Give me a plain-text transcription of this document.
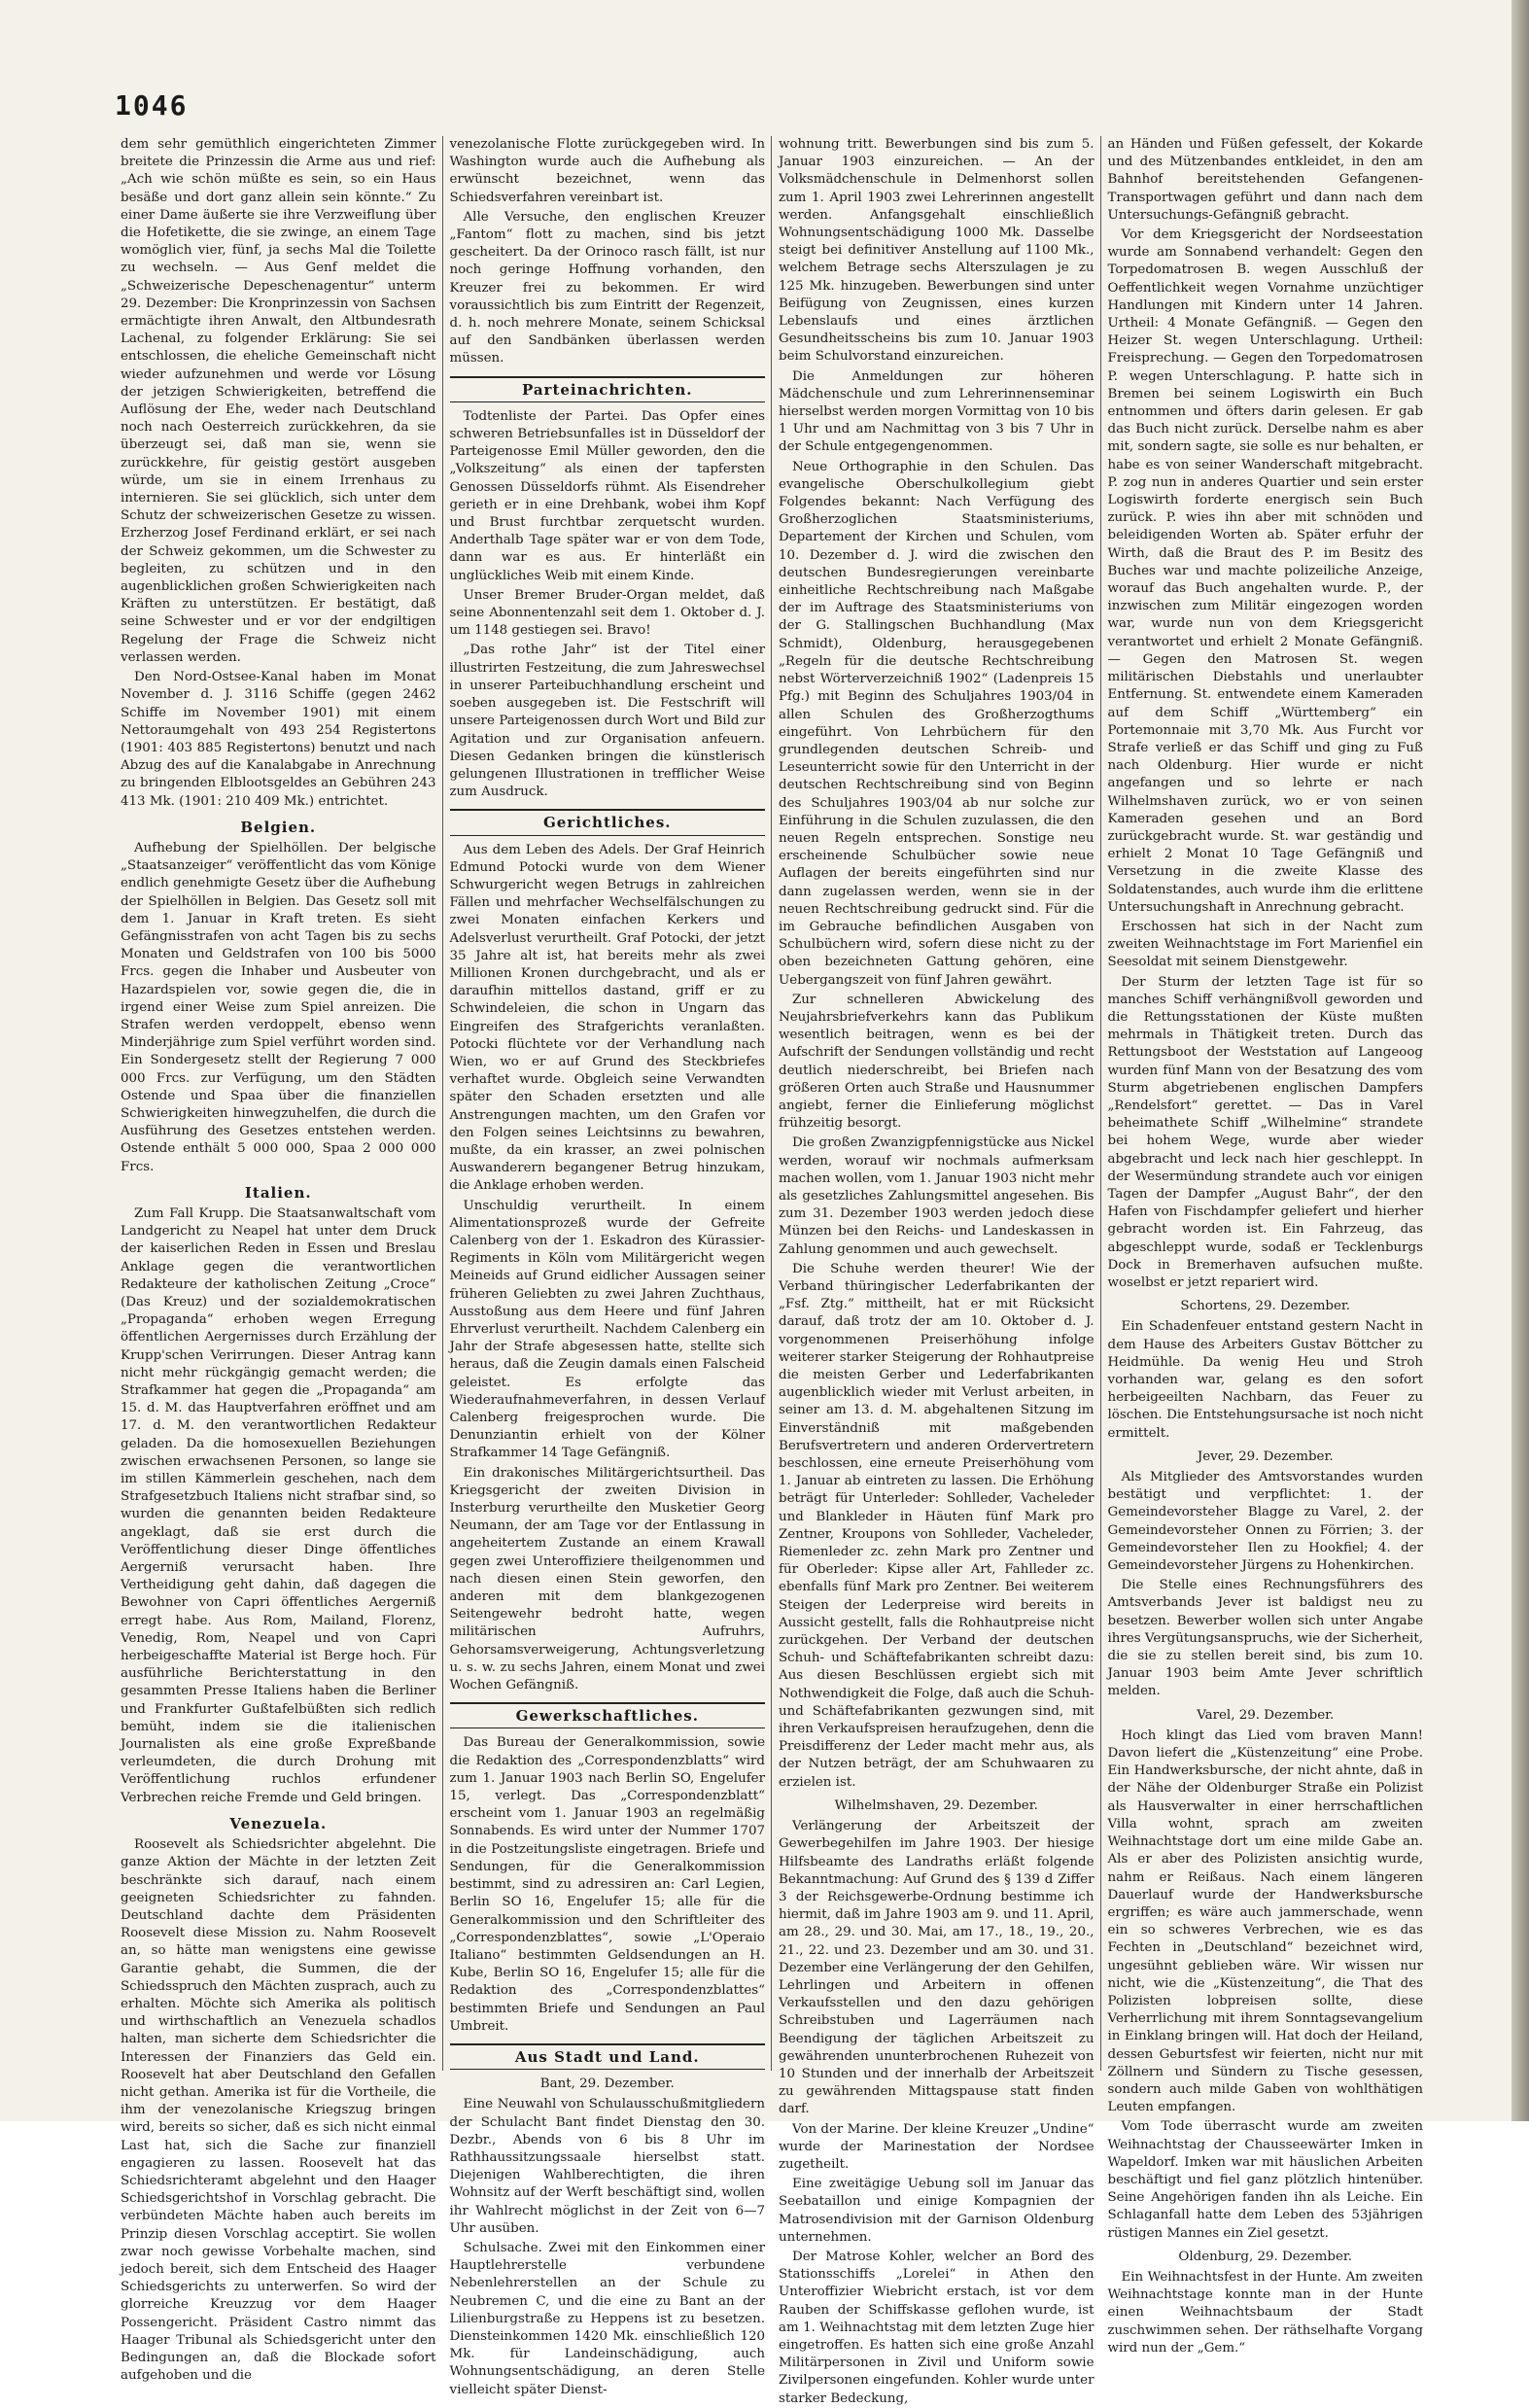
1046

dem sehr gemüthlich eingerichteten Zimmer breitete die Prinzessin die Arme aus und rief: „Ach wie schön müßte es sein, so ein Haus besäße und dort ganz allein sein könnte.“ Zu einer Dame äußerte sie ihre Verzweiflung über die Hofetikette, die sie zwinge, an einem Tage womöglich vier, fünf, ja sechs Mal die Toilette zu wechseln. — Aus Genf meldet die „Schweizerische Depeschenagentur“ unterm 29. Dezember: Die Kronprinzessin von Sachsen ermächtigte ihren Anwalt, den Altbundesrath Lachenal, zu folgender Erklärung: Sie sei entschlossen, die eheliche Gemeinschaft nicht wieder aufzunehmen und werde vor Lösung der jetzigen Schwierigkeiten, betreffend die Auflösung der Ehe, weder nach Deutschland noch nach Oesterreich zurückkehren, da sie überzeugt sei, daß man sie, wenn sie zurückkehre, für geistig gestört ausgeben würde, um sie in einem Irrenhaus zu internieren. Sie sei glücklich, sich unter dem Schutz der schweizerischen Gesetze zu wissen. Erzherzog Josef Ferdinand erklärt, er sei nach der Schweiz gekommen, um die Schwester zu begleiten, zu schützen und in den augenblicklichen großen Schwierigkeiten nach Kräften zu unterstützen. Er bestätigt, daß seine Schwester und er vor der endgiltigen Regelung der Frage die Schweiz nicht verlassen werden.

Den Nord-Ostsee-Kanal haben im Monat November d. J. 3116 Schiffe (gegen 2462 Schiffe im November 1901) mit einem Nettoraumgehalt von 493 254 Registertons (1901: 403 885 Registertons) benutzt und nach Abzug des auf die Kanalabgabe in Anrechnung zu bringenden Elblootsgeldes an Gebühren 243 413 Mk. (1901: 210 409 Mk.) entrichtet.

Belgien.

Aufhebung der Spielhöllen. Der belgische „Staatsanzeiger“ veröffentlicht das vom Könige endlich genehmigte Gesetz über die Aufhebung der Spielhöllen in Belgien. Das Gesetz soll mit dem 1. Januar in Kraft treten. Es sieht Gefängnisstrafen von acht Tagen bis zu sechs Monaten und Geldstrafen von 100 bis 5000 Frcs. gegen die Inhaber und Ausbeuter von Hazardspielen vor, sowie gegen die, die in irgend einer Weise zum Spiel anreizen. Die Strafen werden verdoppelt, ebenso wenn Minderjährige zum Spiel verführt worden sind. Ein Sondergesetz stellt der Regierung 7 000 000 Frcs. zur Verfügung, um den Städten Ostende und Spaa über die finanziellen Schwierigkeiten hinwegzuhelfen, die durch die Ausführung des Gesetzes entstehen werden. Ostende enthält 5 000 000, Spaa 2 000 000 Frcs.

Italien.

Zum Fall Krupp. Die Staatsanwaltschaft vom Landgericht zu Neapel hat unter dem Druck der kaiserlichen Reden in Essen und Breslau Anklage gegen die verantwortlichen Redakteure der katholischen Zeitung „Croce“ (Das Kreuz) und der sozialdemokratischen „Propaganda“ erhoben wegen Erregung öffentlichen Aergernisses durch Erzählung der Krupp'schen Verirrungen. Dieser Antrag kann nicht mehr rückgängig gemacht werden; die Strafkammer hat gegen die „Propaganda“ am 15. d. M. das Hauptverfahren eröffnet und am 17. d. M. den verantwortlichen Redakteur geladen. Da die homosexuellen Beziehungen zwischen erwachsenen Personen, so lange sie im stillen Kämmerlein geschehen, nach dem Strafgesetzbuch Italiens nicht strafbar sind, so wurden die genannten beiden Redakteure angeklagt, daß sie erst durch die Veröffentlichung dieser Dinge öffentliches Aergerniß verursacht haben. Ihre Vertheidigung geht dahin, daß dagegen die Bewohner von Capri öffentliches Aergerniß erregt habe. Aus Rom, Mailand, Florenz, Venedig, Rom, Neapel und von Capri herbeigeschaffte Material ist Berge hoch. Für ausführliche Berichterstattung in den gesammten Presse Italiens haben die Berliner und Frankfurter Gußtafelbüßten sich redlich bemüht, indem sie die italienischen Journalisten als eine große Expreßbande verleumdeten, die durch Drohung mit Veröffentlichung ruchlos erfundener Verbrechen reiche Fremde und Geld bringen.

Venezuela.

Roosevelt als Schiedsrichter abgelehnt. Die ganze Aktion der Mächte in der letzten Zeit beschränkte sich darauf, nach einem geeigneten Schiedsrichter zu fahnden. Deutschland dachte dem Präsidenten Roosevelt diese Mission zu. Nahm Roosevelt an, so hätte man wenigstens eine gewisse Garantie gehabt, die Summen, die der Schiedsspruch den Mächten zusprach, auch zu erhalten. Möchte sich Amerika als politisch und wirthschaftlich an Venezuela schadlos halten, man sicherte dem Schiedsrichter die Interessen der Finanziers das Geld ein. Roosevelt hat aber Deutschland den Gefallen nicht gethan. Amerika ist für die Vortheile, die ihm der venezolanische Kriegszug bringen wird, bereits so sicher, daß es sich nicht einmal Last hat, sich die Sache zur finanziell engagieren zu lassen. Roosevelt hat das Schiedsrichteramt abgelehnt und den Haager Schiedsgerichtshof in Vorschlag gebracht. Die verbündeten Mächte haben auch bereits im Prinzip diesen Vorschlag acceptirt. Sie wollen zwar noch gewisse Vorbehalte machen, sind jedoch bereit, sich dem Entscheid des Haager Schiedsgerichts zu unterwerfen. So wird der glorreiche Kreuzzug vor dem Haager Possengericht. Präsident Castro nimmt das Haager Tribunal als Schiedsgericht unter den Bedingungen an, daß die Blockade sofort aufgehoben und die

venezolanische Flotte zurückgegeben wird. In Washington wurde auch die Aufhebung als erwünscht bezeichnet, wenn das Schiedsverfahren vereinbart ist.

Alle Versuche, den englischen Kreuzer „Fantom“ flott zu machen, sind bis jetzt gescheitert. Da der Orinoco rasch fällt, ist nur noch geringe Hoffnung vorhanden, den Kreuzer frei zu bekommen. Er wird voraussichtlich bis zum Eintritt der Regenzeit, d. h. noch mehrere Monate, seinem Schicksal auf den Sandbänken überlassen werden müssen.

Parteinachrichten.

Todtenliste der Partei. Das Opfer eines schweren Betriebsunfalles ist in Düsseldorf der Parteigenosse Emil Müller geworden, den die „Volkszeitung“ als einen der tapfersten Genossen Düsseldorfs rühmt. Als Eisendreher gerieth er in eine Drehbank, wobei ihm Kopf und Brust furchtbar zerquetscht wurden. Anderthalb Tage später war er von dem Tode, dann war es aus. Er hinterläßt ein unglückliches Weib mit einem Kinde.

Unser Bremer Bruder-Organ meldet, daß seine Abonnentenzahl seit dem 1. Oktober d. J. um 1148 gestiegen sei. Bravo!

„Das rothe Jahr“ ist der Titel einer illustrirten Festzeitung, die zum Jahreswechsel in unserer Parteibuchhandlung erscheint und soeben ausgegeben ist. Die Festschrift will unsere Parteigenossen durch Wort und Bild zur Agitation und zur Organisation anfeuern. Diesen Gedanken bringen die künstlerisch gelungenen Illustrationen in trefflicher Weise zum Ausdruck.

Gerichtliches.

Aus dem Leben des Adels. Der Graf Heinrich Edmund Potocki wurde von dem Wiener Schwurgericht wegen Betrugs in zahlreichen Fällen und mehrfacher Wechselfälschungen zu zwei Monaten einfachen Kerkers und Adelsverlust verurtheilt. Graf Potocki, der jetzt 35 Jahre alt ist, hat bereits mehr als zwei Millionen Kronen durchgebracht, und als er daraufhin mittellos dastand, griff er zu Schwindeleien, die schon in Ungarn das Eingreifen des Strafgerichts veranlaßten. Potocki flüchtete vor der Verhandlung nach Wien, wo er auf Grund des Steckbriefes verhaftet wurde. Obgleich seine Verwandten später den Schaden ersetzten und alle Anstrengungen machten, um den Grafen vor den Folgen seines Leichtsinns zu bewahren, mußte, da ein krasser, an zwei polnischen Auswanderern begangener Betrug hinzukam, die Anklage erhoben werden.

Unschuldig verurtheilt. In einem Alimentationsprozeß wurde der Gefreite Calenberg von der 1. Eskadron des Kürassier-Regiments in Köln vom Militärgericht wegen Meineids auf Grund eidlicher Aussagen seiner früheren Geliebten zu zwei Jahren Zuchthaus, Ausstoßung aus dem Heere und fünf Jahren Ehrverlust verurtheilt. Nachdem Calenberg ein Jahr der Strafe abgesessen hatte, stellte sich heraus, daß die Zeugin damals einen Falscheid geleistet. Es erfolgte das Wiederaufnahmeverfahren, in dessen Verlauf Calenberg freigesprochen wurde. Die Denunziantin erhielt von der Kölner Strafkammer 14 Tage Gefängniß.

Ein drakonisches Militärgerichtsurtheil. Das Kriegsgericht der zweiten Division in Insterburg verurtheilte den Musketier Georg Neumann, der am Tage vor der Entlassung in angeheitertem Zustande an einem Krawall gegen zwei Unteroffiziere theilgenommen und nach diesen einen Stein geworfen, den anderen mit dem blankgezogenen Seitengewehr bedroht hatte, wegen militärischen Aufruhrs, Gehorsamsverweigerung, Achtungsverletzung u. s. w. zu sechs Jahren, einem Monat und zwei Wochen Gefängniß.

Gewerkschaftliches.

Das Bureau der Generalkommission, sowie die Redaktion des „Correspondenzblatts“ wird zum 1. Januar 1903 nach Berlin SO, Engelufer 15, verlegt. Das „Correspondenzblatt“ erscheint vom 1. Januar 1903 an regelmäßig Sonnabends. Es wird unter der Nummer 1707 in die Postzeitungsliste eingetragen. Briefe und Sendungen, für die Generalkommission bestimmt, sind zu adressiren an: Carl Legien, Berlin SO 16, Engelufer 15; alle für die Generalkommission und den Schriftleiter des „Correspondenzblattes“, sowie „L'Operaio Italiano“ bestimmten Geldsendungen an H. Kube, Berlin SO 16, Engelufer 15; alle für die Redaktion des „Correspondenzblattes“ bestimmten Briefe und Sendungen an Paul Umbreit.

Aus Stadt und Land.
Bant, 29. Dezember.

Eine Neuwahl von Schulausschußmitgliedern der Schulacht Bant findet Dienstag den 30. Dezbr., Abends von 6 bis 8 Uhr im Rathhaussitzungssaale hierselbst statt. Diejenigen Wahlberechtigten, die ihren Wohnsitz auf der Werft beschäftigt sind, wollen ihr Wahlrecht möglichst in der Zeit von 6—7 Uhr ausüben.

Schulsache. Zwei mit den Einkommen einer Hauptlehrerstelle verbundene Nebenlehrerstellen an der Schule zu Neubremen C, und die eine zu Bant an der Lilienburgstraße zu Heppens ist zu besetzen. Diensteinkommen 1420 Mk. einschließlich 120 Mk. für Landeinschädigung, auch Wohnungsentschädigung, an deren Stelle vielleicht später Dienst-

wohnung tritt. Bewerbungen sind bis zum 5. Januar 1903 einzureichen. — An der Volksmädchenschule in Delmenhorst sollen zum 1. April 1903 zwei Lehrerinnen angestellt werden. Anfangsgehalt einschließlich Wohnungsentschädigung 1000 Mk. Dasselbe steigt bei definitiver Anstellung auf 1100 Mk., welchem Betrage sechs Alterszulagen je zu 125 Mk. hinzugeben. Bewerbungen sind unter Beifügung von Zeugnissen, eines kurzen Lebenslaufs und eines ärztlichen Gesundheitsscheins bis zum 10. Januar 1903 beim Schulvorstand einzureichen.

Die Anmeldungen zur höheren Mädchenschule und zum Lehrerinnenseminar hierselbst werden morgen Vormittag von 10 bis 1 Uhr und am Nachmittag von 3 bis 7 Uhr in der Schule entgegengenommen.

Neue Orthographie in den Schulen. Das evangelische Oberschulkollegium giebt Folgendes bekannt: Nach Verfügung des Großherzoglichen Staatsministeriums, Departement der Kirchen und Schulen, vom 10. Dezember d. J. wird die zwischen den deutschen Bundesregierungen vereinbarte einheitliche Rechtschreibung nach Maßgabe der im Auftrage des Staatsministeriums von der G. Stallingschen Buchhandlung (Max Schmidt), Oldenburg, herausgegebenen „Regeln für die deutsche Rechtschreibung nebst Wörterverzeichniß 1902“ (Ladenpreis 15 Pfg.) mit Beginn des Schuljahres 1903/04 in allen Schulen des Großherzogthums eingeführt. Von Lehrbüchern für den grundlegenden deutschen Schreib- und Leseunterricht sowie für den Unterricht in der deutschen Rechtschreibung sind von Beginn des Schuljahres 1903/04 ab nur solche zur Einführung in die Schulen zuzulassen, die den neuen Regeln entsprechen. Sonstige neu erscheinende Schulbücher sowie neue Auflagen der bereits eingeführten sind nur dann zugelassen werden, wenn sie in der neuen Rechtschreibung gedruckt sind. Für die im Gebrauche befindlichen Ausgaben von Schulbüchern wird, sofern diese nicht zu der oben bezeichneten Gattung gehören, eine Uebergangszeit von fünf Jahren gewährt.

Zur schnelleren Abwickelung des Neujahrsbriefverkehrs kann das Publikum wesentlich beitragen, wenn es bei der Aufschrift der Sendungen vollständig und recht deutlich niederschreibt, bei Briefen nach größeren Orten auch Straße und Hausnummer angiebt, ferner die Einlieferung möglichst frühzeitig besorgt.

Die großen Zwanzigpfennigstücke aus Nickel werden, worauf wir nochmals aufmerksam machen wollen, vom 1. Januar 1903 nicht mehr als gesetzliches Zahlungsmittel angesehen. Bis zum 31. Dezember 1903 werden jedoch diese Münzen bei den Reichs- und Landeskassen in Zahlung genommen und auch gewechselt.

Die Schuhe werden theurer! Wie der Verband thüringischer Lederfabrikanten der „Fsf. Ztg.“ mittheilt, hat er mit Rücksicht darauf, daß trotz der am 10. Oktober d. J. vorgenommenen Preiserhöhung infolge weiterer starker Steigerung der Rohhautpreise die meisten Gerber und Lederfabrikanten augenblicklich wieder mit Verlust arbeiten, in seiner am 13. d. M. abgehaltenen Sitzung im Einverständniß mit maßgebenden Berufsvertretern und anderen Ordervertretern beschlossen, eine erneute Preiserhöhung vom 1. Januar ab eintreten zu lassen. Die Erhöhung beträgt für Unterleder: Sohlleder, Vacheleder und Blankleder in Häuten fünf Mark pro Zentner, Kroupons von Sohlleder, Vacheleder, Riemenleder zc. zehn Mark pro Zentner und für Oberleder: Kipse aller Art, Fahlleder zc. ebenfalls fünf Mark pro Zentner. Bei weiterem Steigen der Lederpreise wird bereits in Aussicht gestellt, falls die Rohhautpreise nicht zurückgehen. Der Verband der deutschen Schuh- und Schäftefabrikanten schreibt dazu: Aus diesen Beschlüssen ergiebt sich mit Nothwendigkeit die Folge, daß auch die Schuh- und Schäftefabrikanten gezwungen sind, mit ihren Verkaufspreisen heraufzugehen, denn die Preisdifferenz der Leder macht mehr aus, als der Nutzen beträgt, der am Schuhwaaren zu erzielen ist.

Wilhelmshaven, 29. Dezember.

Verlängerung der Arbeitszeit der Gewerbegehilfen im Jahre 1903. Der hiesige Hilfsbeamte des Landraths erläßt folgende Bekanntmachung: Auf Grund des § 139 d Ziffer 3 der Reichsgewerbe-Ordnung bestimme ich hiermit, daß im Jahre 1903 am 9. und 11. April, am 28., 29. und 30. Mai, am 17., 18., 19., 20., 21., 22. und 23. Dezember und am 30. und 31. Dezember eine Verlängerung der den Gehilfen, Lehrlingen und Arbeitern in offenen Verkaufsstellen und den dazu gehörigen Schreibstuben und Lagerräumen nach Beendigung der täglichen Arbeitszeit zu gewährenden ununterbrochenen Ruhezeit von 10 Stunden und der innerhalb der Arbeitszeit zu gewährenden Mittagspause statt finden darf.

Von der Marine. Der kleine Kreuzer „Undine“ wurde der Marinestation der Nordsee zugetheilt.

Eine zweitägige Uebung soll im Januar das Seebataillon und einige Kompagnien der Matrosendivision mit der Garnison Oldenburg unternehmen.

Der Matrose Kohler, welcher an Bord des Stationsschiffs „Lorelei“ in Athen den Unteroffizier Wiebricht erstach, ist vor dem Rauben der Schiffskasse geflohen wurde, ist am 1. Weihnachtstag mit dem letzten Zuge hier eingetroffen. Es hatten sich eine große Anzahl Militärpersonen in Zivil und Uniform sowie Zivilpersonen eingefunden. Kohler wurde unter starker Bedeckung,

an Händen und Füßen gefesselt, der Kokarde und des Mützenbandes entkleidet, in den am Bahnhof bereitstehenden Gefangenen-Transportwagen geführt und dann nach dem Untersuchungs-Gefängniß gebracht.

Vor dem Kriegsgericht der Nordseestation wurde am Sonnabend verhandelt: Gegen den Torpedomatrosen B. wegen Ausschluß der Oeffentlichkeit wegen Vornahme unzüchtiger Handlungen mit Kindern unter 14 Jahren. Urtheil: 4 Monate Gefängniß. — Gegen den Heizer St. wegen Unterschlagung. Urtheil: Freisprechung. — Gegen den Torpedomatrosen P. wegen Unterschlagung. P. hatte sich in Bremen bei seinem Logiswirth ein Buch entnommen und öfters darin gelesen. Er gab das Buch nicht zurück. Derselbe nahm es aber mit, sondern sagte, sie solle es nur behalten, er habe es von seiner Wanderschaft mitgebracht. P. zog nun in anderes Quartier und sein erster Logiswirth forderte energisch sein Buch zurück. P. wies ihn aber mit schnöden und beleidigenden Worten ab. Später erfuhr der Wirth, daß die Braut des P. im Besitz des Buches war und machte polizeiliche Anzeige, worauf das Buch angehalten wurde. P., der inzwischen zum Militär eingezogen worden war, wurde nun von dem Kriegsgericht verantwortet und erhielt 2 Monate Gefängniß. — Gegen den Matrosen St. wegen militärischen Diebstahls und unerlaubter Entfernung. St. entwendete einem Kameraden auf dem Schiff „Württemberg“ ein Portemonnaie mit 3,70 Mk. Aus Furcht vor Strafe verließ er das Schiff und ging zu Fuß nach Oldenburg. Hier wurde er nicht angefangen und so lehrte er nach Wilhelmshaven zurück, wo er von seinen Kameraden gesehen und an Bord zurückgebracht wurde. St. war geständig und erhielt 2 Monat 10 Tage Gefängniß und Versetzung in die zweite Klasse des Soldatenstandes, auch wurde ihm die erlittene Untersuchungshaft in Anrechnung gebracht.

Erschossen hat sich in der Nacht zum zweiten Weihnachtstage im Fort Marienfiel ein Seesoldat mit seinem Dienstgewehr.

Der Sturm der letzten Tage ist für so manches Schiff verhängnißvoll geworden und die Rettungsstationen der Küste mußten mehrmals in Thätigkeit treten. Durch das Rettungsboot der Weststation auf Langeoog wurden fünf Mann von der Besatzung des vom Sturm abgetriebenen englischen Dampfers „Rendelsfort“ gerettet. — Das in Varel beheimathete Schiff „Wilhelmine“ strandete bei hohem Wege, wurde aber wieder abgebracht und leck nach hier geschleppt. In der Wesermündung strandete auch vor einigen Tagen der Dampfer „August Bahr“, der den Hafen von Fischdampfer geliefert und hierher gebracht worden ist. Ein Fahrzeug, das abgeschleppt wurde, sodaß er Tecklenburgs Dock in Bremerhaven aufsuchen mußte. woselbst er jetzt repariert wird.

Schortens, 29. Dezember.

Ein Schadenfeuer entstand gestern Nacht in dem Hause des Arbeiters Gustav Böttcher zu Heidmühle. Da wenig Heu und Stroh vorhanden war, gelang es den sofort herbeigeeilten Nachbarn, das Feuer zu löschen. Die Entstehungsursache ist noch nicht ermittelt.

Jever, 29. Dezember.

Als Mitglieder des Amtsvorstandes wurden bestätigt und verpflichtet: 1. der Gemeindevorsteher Blagge zu Varel, 2. der Gemeindevorsteher Onnen zu Förrien; 3. der Gemeindevorsteher Ilen zu Hookfiel; 4. der Gemeindevorsteher Jürgens zu Hohenkirchen.

Die Stelle eines Rechnungsführers des Amtsverbands Jever ist baldigst neu zu besetzen. Bewerber wollen sich unter Angabe ihres Vergütungsanspruchs, wie der Sicherheit, die sie zu stellen bereit sind, bis zum 10. Januar 1903 beim Amte Jever schriftlich melden.

Varel, 29. Dezember.

Hoch klingt das Lied vom braven Mann! Davon liefert die „Küstenzeitung“ eine Probe. Ein Handwerksbursche, der nicht ahnte, daß in der Nähe der Oldenburger Straße ein Polizist als Hausverwalter in einer herrschaftlichen Villa wohnt, sprach am zweiten Weihnachtstage dort um eine milde Gabe an. Als er aber des Polizisten ansichtig wurde, nahm er Reißaus. Nach einem längeren Dauerlauf wurde der Handwerksbursche ergriffen; es wäre auch jammerschade, wenn ein so schweres Verbrechen, wie es das Fechten in „Deutschland“ bezeichnet wird, ungesühnt geblieben wäre. Wir wissen nur nicht, wie die „Küstenzeitung“, die That des Polizisten lobpreisen sollte, diese Verherrlichung mit ihrem Sonntagsevangelium in Einklang bringen will. Hat doch der Heiland, dessen Geburtsfest wir feierten, nicht nur mit Zöllnern und Sündern zu Tische gesessen, sondern auch milde Gaben von wohlthätigen Leuten empfangen.

Vom Tode überrascht wurde am zweiten Weihnachtstag der Chausseewärter Imken in Wapeldorf. Imken war mit häuslichen Arbeiten beschäftigt und fiel ganz plötzlich hintenüber. Seine Angehörigen fanden ihn als Leiche. Ein Schlaganfall hatte dem Leben des 53jährigen rüstigen Mannes ein Ziel gesetzt.

Oldenburg, 29. Dezember.

Ein Weihnachtsfest in der Hunte. Am zweiten Weihnachtstage konnte man in der Hunte einen Weihnachtsbaum der Stadt zuschwimmen sehen. Der räthselhafte Vorgang wird nun der „Gem.“
